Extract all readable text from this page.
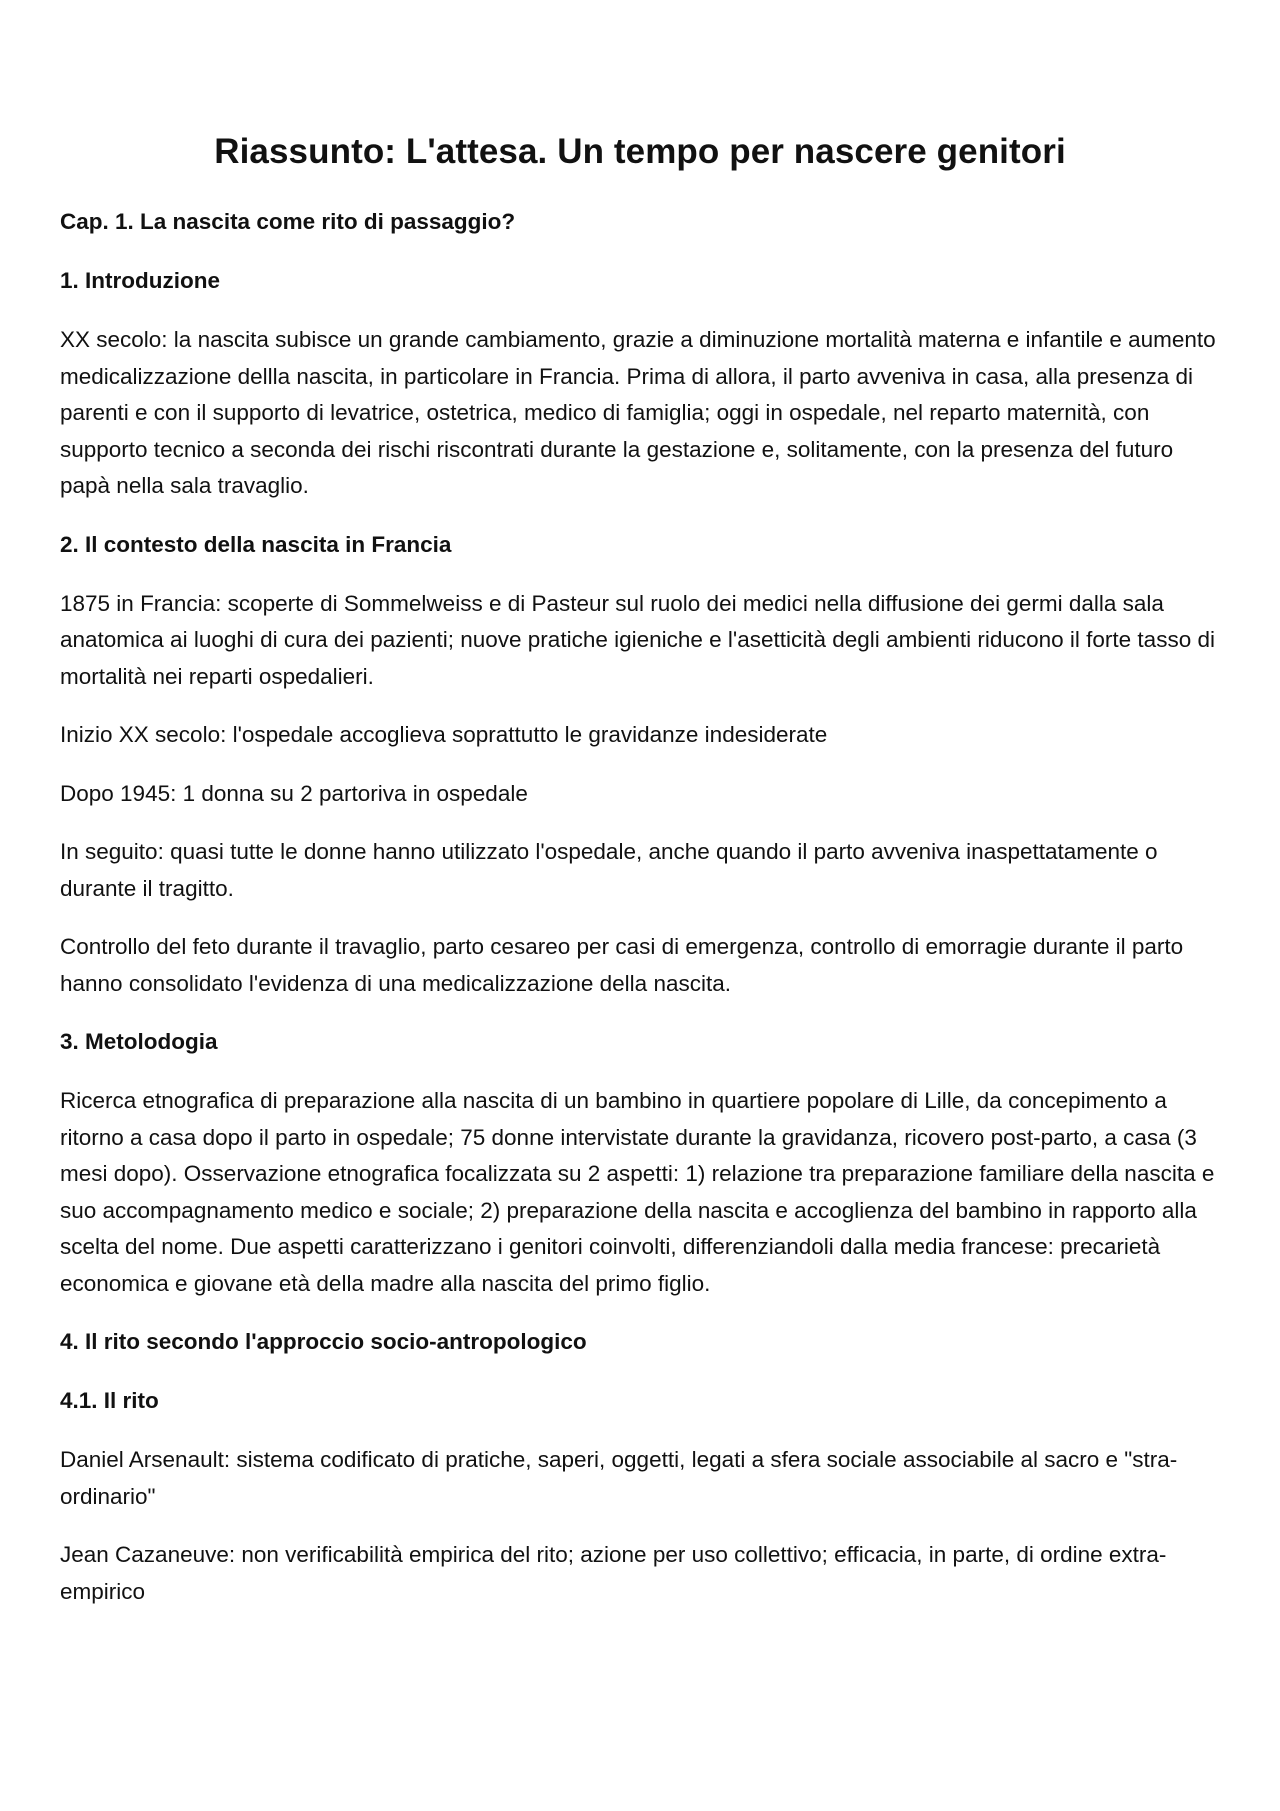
Riassunto: L'attesa. Un tempo per nascere genitori

Cap. 1. La nascita come rito di passaggio?

1. Introduzione

XX secolo: la nascita subisce un grande cambiamento, grazie a diminuzione mortalità materna e infantile e aumento medicalizzazione dellla nascita, in particolare in Francia. Prima di allora, il parto avveniva in casa, alla presenza di parenti e con il supporto di levatrice, ostetrica, medico di famiglia; oggi in ospedale, nel reparto maternità, con supporto tecnico a seconda dei rischi riscontrati durante la gestazione e, solitamente, con la presenza del futuro papà nella sala travaglio.

2. Il contesto della nascita in Francia

1875 in Francia: scoperte di Sommelweiss e di Pasteur sul ruolo dei medici nella diffusione dei germi dalla sala anatomica ai luoghi di cura dei pazienti; nuove pratiche igieniche e l'asetticità degli ambienti riducono il forte tasso di mortalità nei reparti ospedalieri.

Inizio XX secolo: l'ospedale accoglieva soprattutto le gravidanze indesiderate

Dopo 1945: 1 donna su 2 partoriva in ospedale

In seguito: quasi tutte le donne hanno utilizzato l'ospedale, anche quando il parto avveniva inaspettatamente o durante il tragitto.

Controllo del feto durante il travaglio, parto cesareo per casi di emergenza, controllo di emorragie durante il parto hanno consolidato l'evidenza di una medicalizzazione della nascita.

3. Metolodogia

Ricerca etnografica di preparazione alla nascita di un bambino in quartiere popolare di Lille, da concepimento a ritorno a casa dopo il parto in ospedale; 75 donne intervistate durante la gravidanza, ricovero post-parto, a casa (3 mesi dopo). Osservazione etnografica focalizzata su 2 aspetti: 1) relazione tra preparazione familiare della nascita e suo accompagnamento medico e sociale; 2) preparazione della nascita e accoglienza del bambino in rapporto alla scelta del nome. Due aspetti caratterizzano i genitori coinvolti, differenziandoli dalla media francese: precarietà economica e giovane età della madre alla nascita del primo figlio.

4. Il rito secondo l'approccio socio-antropologico

4.1. Il rito

Daniel Arsenault: sistema codificato di pratiche, saperi, oggetti, legati a sfera sociale associabile al sacro e "stra-ordinario"

Jean Cazaneuve: non verificabilità empirica del rito; azione per uso collettivo; efficacia, in parte, di ordine extra-empirico
